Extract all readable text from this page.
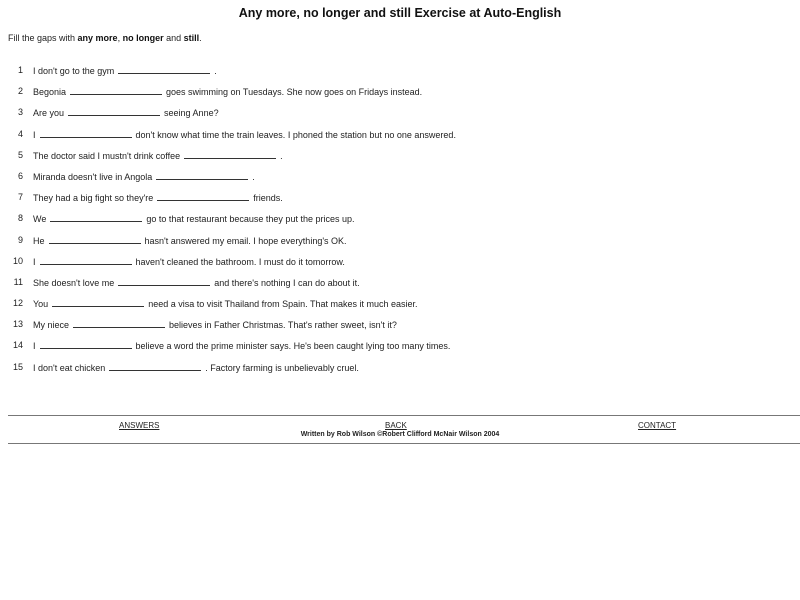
Any more, no longer and still Exercise at Auto-English
Fill the gaps with any more, no longer and still.
1 I don't go to the gym	.
2 Begonia	goes swimming on Tuesdays. She now goes on Fridays instead.
3 Are you	seeing Anne?
4 I	don't know what time the train leaves. I phoned the station but no one answered.
5 The doctor said I mustn't drink coffee	.
6 Miranda doesn't live in Angola	.
7 They had a big fight so they're	friends.
8 We	go to that restaurant because they put the prices up.
9 He	hasn't answered my email. I hope everything's OK.
10 I	haven't cleaned the bathroom. I must do it tomorrow.
11 She doesn't love me	and there's nothing I can do about it.
12 You	need a visa to visit Thailand from Spain. That makes it much easier.
13 My niece	believes in Father Christmas. That's rather sweet, isn't it?
14 I	believe a word the prime minister says. He's been caught lying too many times.
15 I don't eat chicken	. Factory farming is unbelievably cruel.
ANSWERS	BACK	CONTACT
Written by Rob Wilson ©Robert Clifford McNair Wilson 2004
